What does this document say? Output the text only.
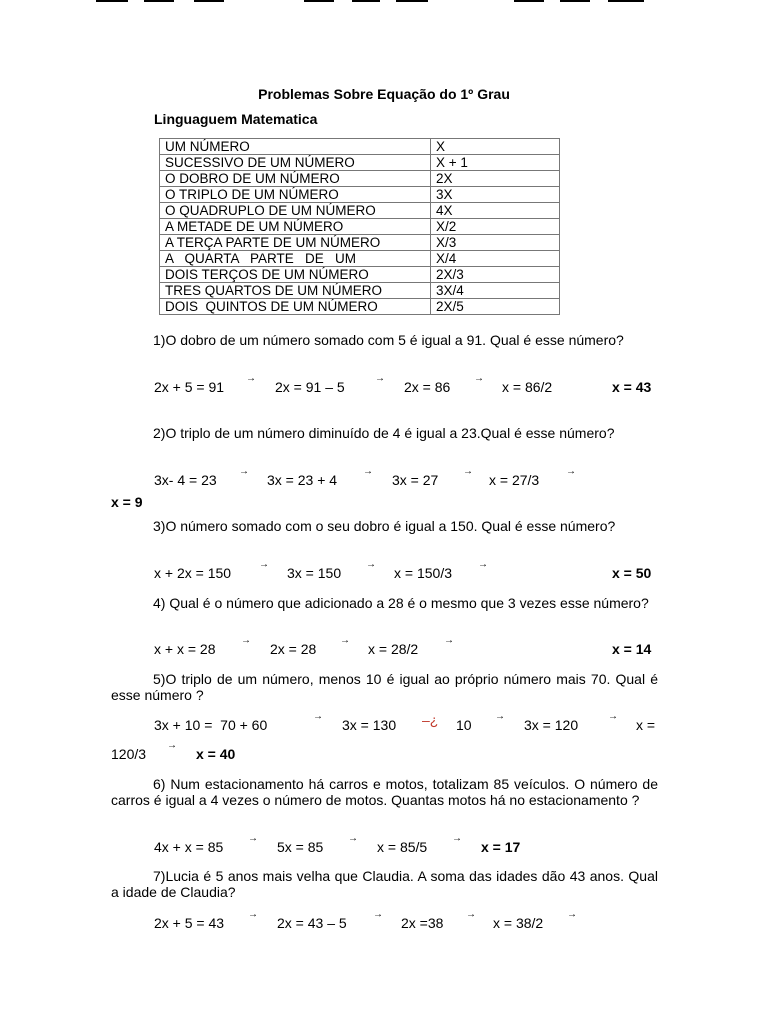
Problemas Sobre Equação do 1º Grau
Linguaguem Matematica
UM NÚMERO	X
SUCESSIVO DE UM NÚMERO	X + 1
O DOBRO DE UM NÚMERO	2X
O TRIPLO DE UM NÚMERO	3X
O QUADRUPLO DE UM NÚMERO	4X
A METADE DE UM NÚMERO	X/2
A TERÇA PARTE DE UM NÚMERO	X/3
A   QUARTA   PARTE   DE   UM	X/4
DOIS TERÇOS DE UM NÚMERO	2X/3
TRES QUARTOS DE UM NÚMERO	3X/4
DOIS  QUINTOS DE UM NÚMERO	2X/5
1)O dobro de um número somado com 5 é igual a 91. Qual é esse número?
2x + 5 = 91
→
2x = 91 – 5
→
2x = 86
→
x = 86/2	x = 43
2)O triplo de um número diminuído de 4 é igual a 23.Qual é esse número?
3x- 4 = 23
→
3x = 23 + 4
→
3x = 27
→
x = 27/3
→
x = 9
3)O número somado com o seu dobro é igual a 150. Qual é esse número?
x + 2x = 150
→
3x = 150
→
x = 150/3
→
x = 50
4) Qual é o número que adicionado a 28 é o mesmo que 3 vezes esse número?
x + x = 28
→
2x = 28
→
x = 28/2
→
x = 14
5)O triplo de um número, menos 10 é igual ao próprio número mais 70. Qual é esse número ?
3x + 10 =  70 + 60
→
3x = 130 –¿ 10
→
3x = 120
→
x =
120/3
→
x = 40
6) Num estacionamento há carros e motos, totalizam 85 veículos. O número de carros é igual a 4 vezes o número de motos. Quantas motos há no estacionamento ?
4x + x = 85
→
5x = 85
→
x = 85/5
→
x = 17
7)Lucia é 5 anos mais velha que Claudia. A soma das idades dão 43 anos. Qual a idade de Claudia?
2x + 5 = 43
→
2x = 43 – 5
→
2x =38
→
x = 38/2
→
